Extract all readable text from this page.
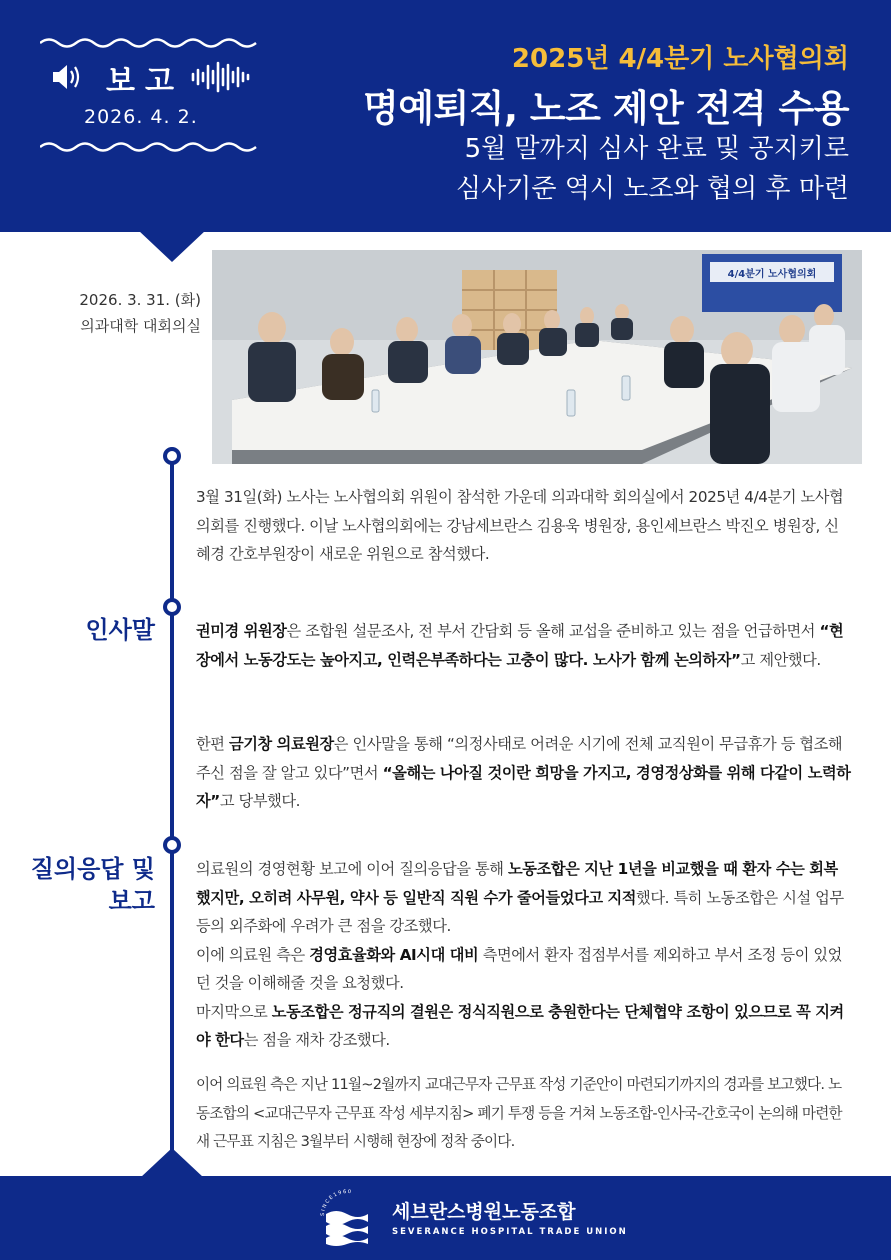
보고
2026. 4. 2.
2025년 4/4분기 노사협의회
명예퇴직, 노조 제안 전격 수용
5월 말까지 심사 완료 및 공지키로
심사기준 역시 노조와 협의 후 마련
2026. 3. 31. (화)
의과대학 대회의실
4/4분기 노사협의회
3월 31일(화) 노사는 노사협의회 위원이 참석한 가운데 의과대학 회의실에서 2025년 4/4분기 노사협의회를 진행했다. 이날 노사협의회에는 강남세브란스 김용욱 병원장, 용인세브란스 박진오 병원장, 신혜경 간호부원장이 새로운 위원으로 참석했다.
인사말	권미경 위원장은 조합원 설문조사, 전 부서 간담회 등 올해 교섭을 준비하고 있는 점을 언급하면서 “현장에서 노동강도는 높아지고, 인력은부족하다는 고충이 많다. 노사가 함께 논의하자”고 제안했다.
한편 금기창 의료원장은 인사말을 통해 “의정사태로 어려운 시기에 전체 교직원이 무급휴가 등 협조해주신 점을 잘 알고 있다”면서 “올해는 나아질 것이란 희망을 가지고, 경영정상화를 위해 다같이 노력하자”고 당부했다.
질의응답 및 보고
의료원의 경영현황 보고에 이어 질의응답을 통해 노동조합은 지난 1년을 비교했을 때 환자 수는 회복했지만, 오히려 사무원, 약사 등 일반직 직원 수가 줄어들었다고 지적했다. 특히 노동조합은 시설 업무 등의 외주화에 우려가 큰 점을 강조했다.
이에 의료원 측은 경영효율화와 AI시대 대비 측면에서 환자 접점부서를 제외하고 부서 조정 등이 있었던 것을 이해해줄 것을 요청했다.
마지막으로 노동조합은 정규직의 결원은 정식직원으로 충원한다는 단체협약 조항이 있으므로 꼭 지켜야 한다는 점을 재차 강조했다.
이어 의료원 측은 지난 11월~2월까지 교대근무자 근무표 작성 기준안이 마련되기까지의 경과를 보고했다. 노동조합의 <교대근무자 근무표 작성 세부지침> 폐기 투쟁 등을 거쳐 노동조합-인사국-간호국이 논의해 마련한 새 근무표 지침은 3월부터 시행해 현장에 정착 중이다.
SINCE1960
세브란스병원노동조합
SEVERANCE HOSPITAL TRADE UNION
